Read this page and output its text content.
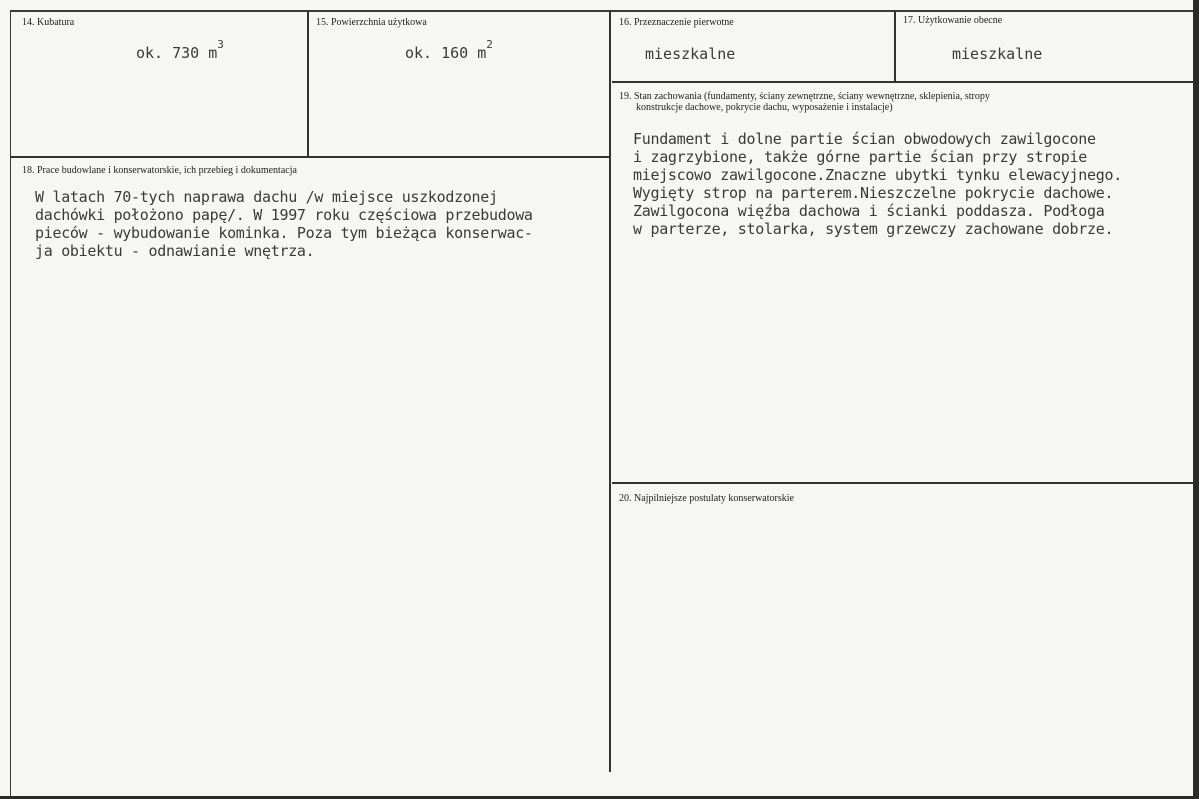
14. Kubatura
ok. 730 $m^3$
15. Powierzchnia użytkowa
ok. 160 $m^2$
16. Przeznaczenie pierwotne
mieszkalne
17. Użytkowanie obecne
mieszkalne
18. Prace budowlane i konserwatorskie, ich przebieg i dokumentacja
W latach 70-tych naprawa dachu /w miejsce uszkodzonej
dachówki położono papę/. W 1997 roku częściowa przebudowa
pieców - wybudowanie kominka. Poza tym bieżąca konserwac-
ja obiektu - odnawianie wnętrza.
19. Stan zachowania (fundamenty, ściany zewnętrzne, ściany wewnętrzne, sklepienia, stropy
konstrukcje dachowe, pokrycie dachu, wyposażenie i instalacje)
Fundament i dolne partie ścian obwodowych zawilgocone
i zagrzybione, także górne partie ścian przy stropie
miejscowo zawilgocone.Znaczne ubytki tynku elewacyjnego.
Wygięty strop na parterem.Nieszczelne pokrycie dachowe.
Zawilgocona więźba dachowa i ścianki poddasza. Podłoga
w parterze, stolarka, system grzewczy zachowane dobrze.
20. Najpilniejsze postulaty konserwatorskie
